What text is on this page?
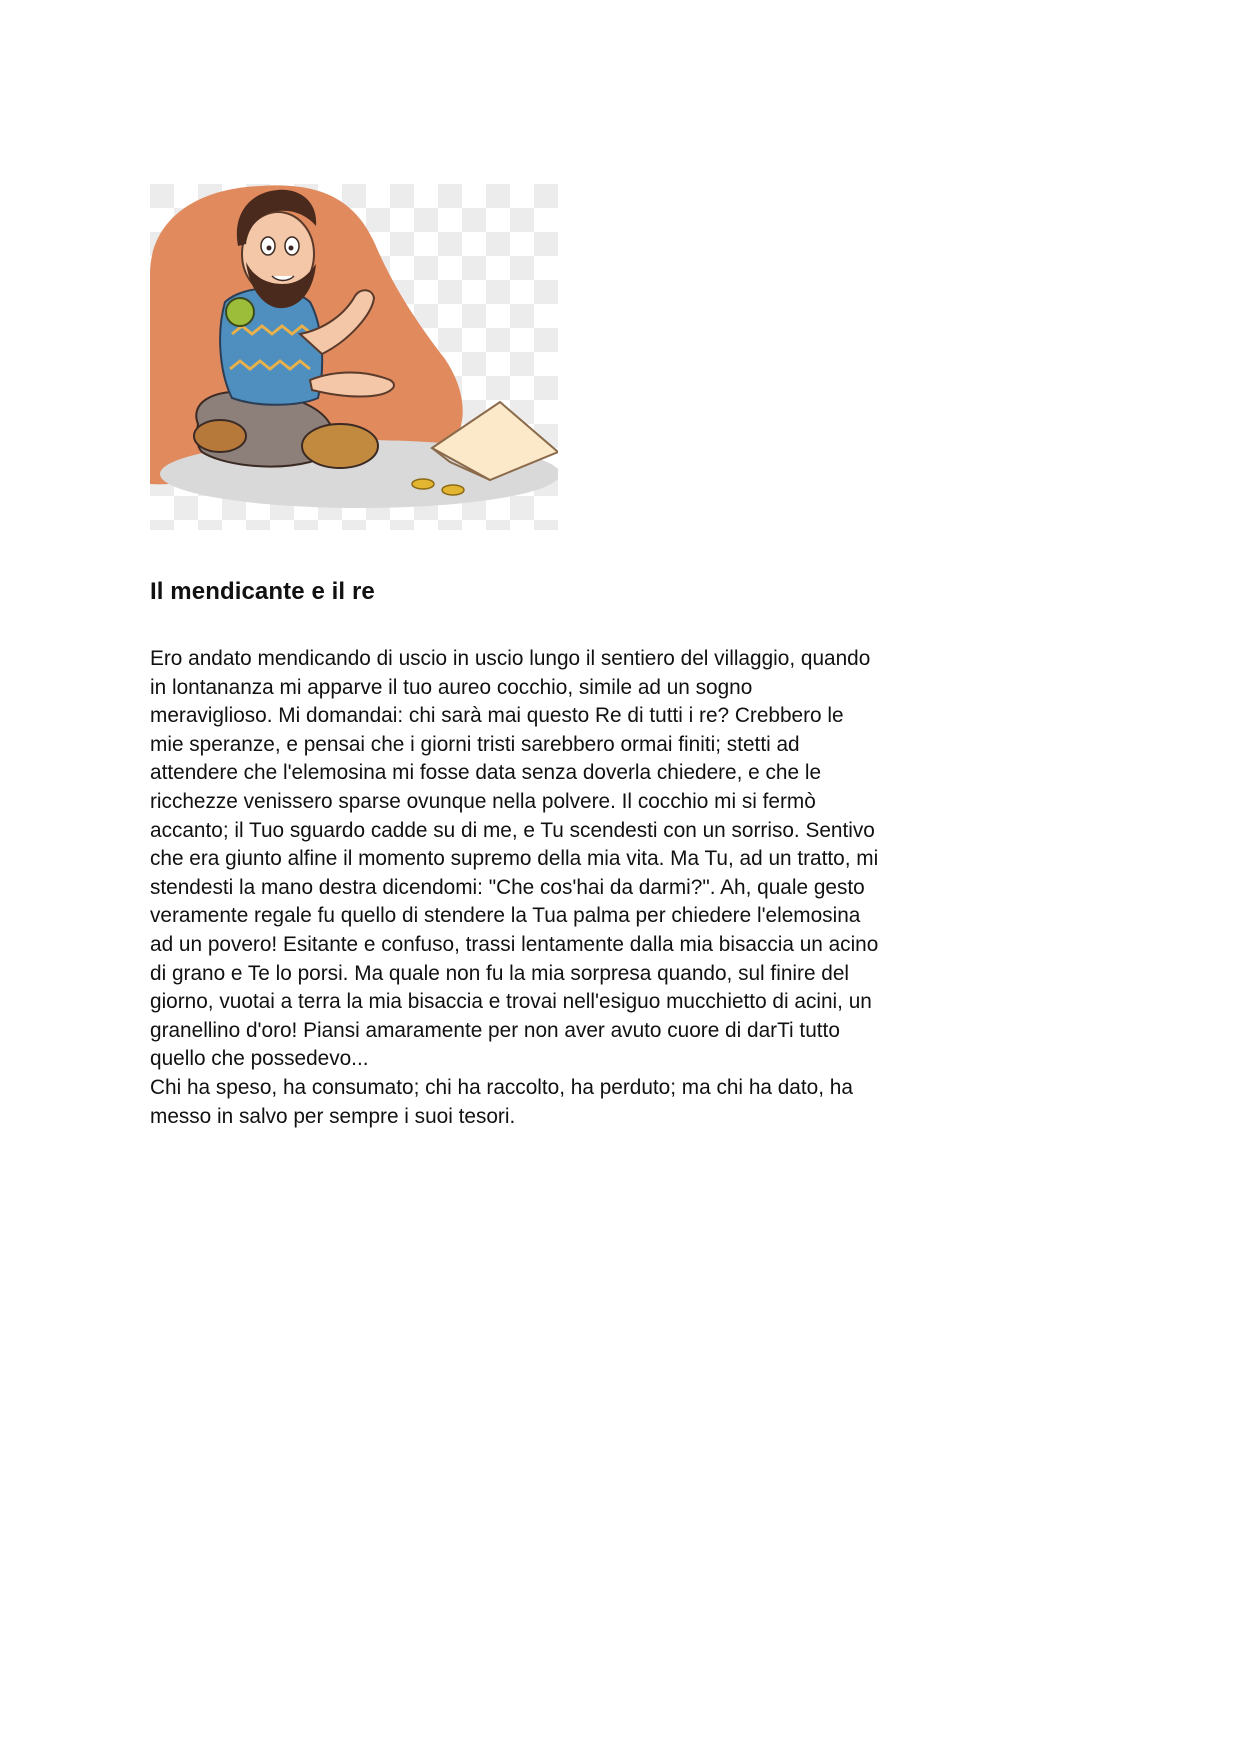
Il mendicante e il re
Ero andato mendicando di uscio in uscio lungo il sentiero del villaggio, quando
in lontananza mi apparve il tuo aureo cocchio, simile ad un sogno
meraviglioso. Mi domandai: chi sarà mai questo Re di tutti i re? Crebbero le
mie speranze, e pensai che i giorni tristi sarebbero ormai finiti; stetti ad
attendere che l'elemosina mi fosse data senza doverla chiedere, e che le
ricchezze venissero sparse ovunque nella polvere. Il cocchio mi si fermò
accanto; il Tuo sguardo cadde su di me, e Tu scendesti con un sorriso. Sentivo
che era giunto alfine il momento supremo della mia vita. Ma Tu, ad un tratto, mi
stendesti la mano destra dicendomi: "Che cos'hai da darmi?". Ah, quale gesto
veramente regale fu quello di stendere la Tua palma per chiedere l'elemosina
ad un povero! Esitante e confuso, trassi lentamente dalla mia bisaccia un acino
di grano e Te lo porsi. Ma quale non fu la mia sorpresa quando, sul finire del
giorno, vuotai a terra la mia bisaccia e trovai nell'esiguo mucchietto di acini, un
granellino d'oro! Piansi amaramente per non aver avuto cuore di darTi tutto
quello che possedevo...
Chi ha speso, ha consumato; chi ha raccolto, ha perduto; ma chi ha dato, ha
messo in salvo per sempre i suoi tesori.
